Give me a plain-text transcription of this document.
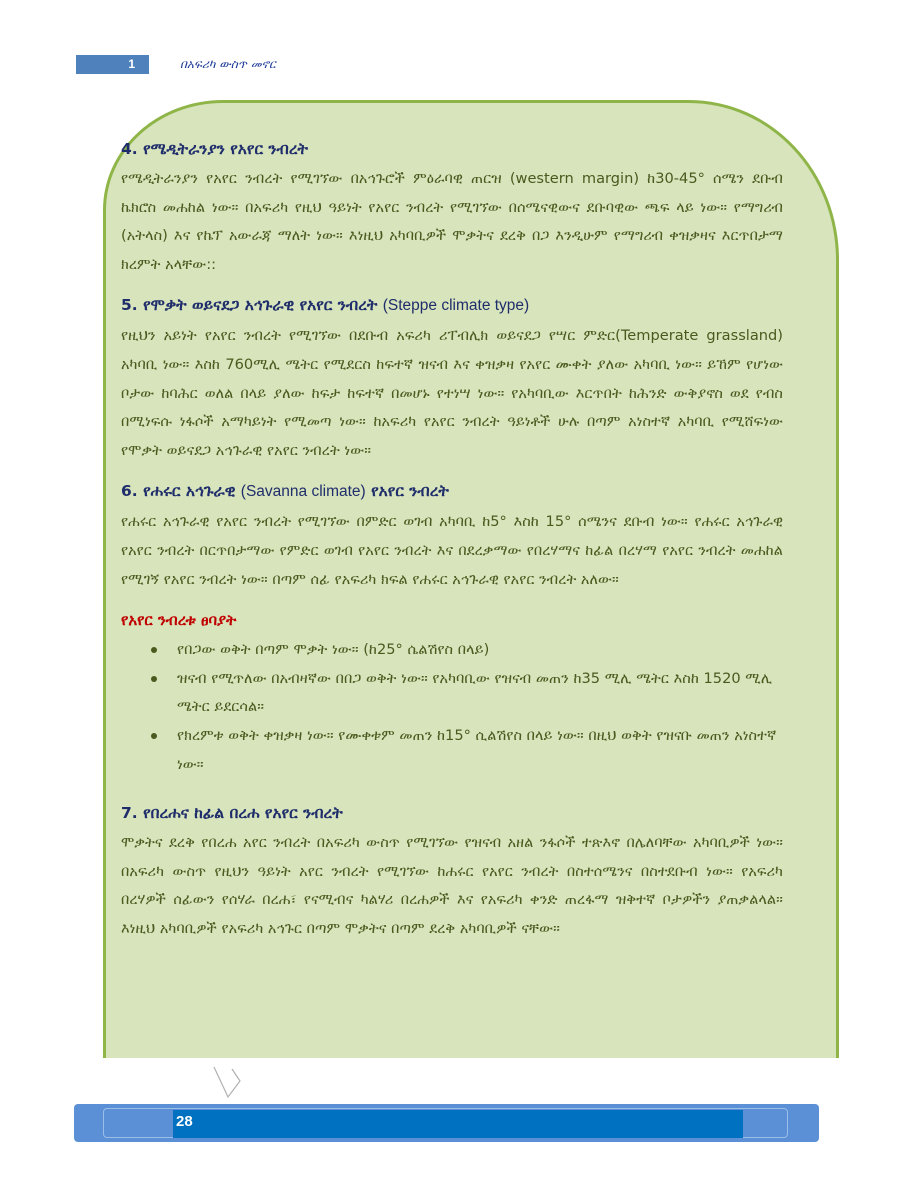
1	በአፍሪካ ውስጥ መኖር
4. የሜዲትራንያን የአየር ንብረት

የሜዲትራንያን የአየር ንብረት የሚገኘው በአኅጉሮች ምዕራባዊ ጠርዝ (western margin) ከ30-45° ሰሜን ደቡብ ኬክሮስ መሐከል ነው። በአፍሪካ የዚህ ዓይነት የአየር ንብረት የሚገኘው በሰሜናዊውና ደቡባዊው ጫፍ ላይ ነው። የማግሪብ (አትላስ) እና የኬፕ አውራጃ ማለት ነው። እነዚህ አካባቢዎች ሞቃትና ደረቅ በጋ እንዲሁም የማግሪብ ቀዝቃዛና እርጥበታማ ክረምት አላቸው::

5. የሞቃት ወይናደጋ አኅጉራዊ የአየር ንብረት (Steppe climate type)

የዚህን አይነት የአየር ንብረት የሚገኘው በደቡብ አፍሪካ ሪፐብሊክ ወይናደጋ የሣር ምድር(Temperate grassland) አካባቢ ነው። እስከ 760ሚሊ ሜትር የሚደርስ ከፍተኛ ዝናብ እና ቀዝቃዛ የአየር ሙቀት ያለው አካባቢ ነው። ይኸም የሆነው ቦታው ከባሕር ወለል በላይ ያለው ከፍታ ከፍተኛ በመሆኑ የተነሣ ነው። የአካባቢው እርጥበት ከሕንድ ውቅያኖስ ወደ የብስ በሚነፍሱ ነፋሶች አማካይነት የሚመጣ ነው። ከአፍሪካ የአየር ንብረት ዓይነቶች ሁሉ በጣም አነስተኛ አካባቢ የሚሸፍነው የሞቃት ወይናደጋ አኅጉራዊ የአየር ንብረት ነው።

6. የሐሩር አኅጉራዊ (Savanna climate) የአየር ንብረት

የሐሩር አኅጉራዊ የአየር ንብረት የሚገኘው በምድር ወገብ አካባቢ ከ5° እስከ 15° ሰሜንና ደቡብ ነው። የሐሩር አኅጉራዊ የአየር ንብረት በርጥበታማው የምድር ወገብ የአየር ንብረት እና በደረቃማው የበረሃማና ከፊል በረሃማ የአየር ንብረት መሐከል የሚገኝ የአየር ንብረት ነው። በጣም ሰፊ የአፍሪካ ክፍል የሐሩር አኅጉራዊ የአየር ንብረት አለው።

የአየር ንብረቱ ፀባያት
የበጋው ወቅት በጣም ሞቃት ነው። (ከ25° ሴልሽየስ በላይ)
ዝናብ የሚጥለው በአብዛኛው በበጋ ወቅት ነው። የአካባቢው የዝናብ መጠን ከ35 ሚሊ ሜትር እስከ 1520 ሚሊ ሜትር ይደርሳል።
የክረምቱ ወቅት ቀዝቃዛ ነው። የሙቀቱም መጠን ከ15° ሲልሽየስ በላይ ነው። በዚህ ወቅት የዝናቡ መጠን አነስተኛ ነው።
7. የበረሐና ከፊል በረሐ የአየር ንብረት

ሞቃትና ደረቅ የበረሐ አየር ንብረት በአፍሪካ ውስጥ የሚገኘው የዝናብ አዘል ንፋሶች ተጽእኖ በሌለባቸው አካባቢዎች ነው። በአፍሪካ ውስጥ የዚህን ዓይነት አየር ንብረት የሚገኘው ከሐሩር የአየር ንብረት በስተሰሜንና በስተደቡብ ነው። የአፍሪካ በረሃዎች ሰፊውን የሰሃራ በረሐ፣ የናሚብና ካልሃሪ በረሐዎች እና የአፍሪካ ቀንድ ጠረፋማ ዝቅተኛ ቦታዎችን ያጠቃልላል። እነዚህ አካባቢዎች የአፍሪካ አኅጉር በጣም ሞቃትና በጣም ደረቅ አካባቢዎች ናቸው።

28
